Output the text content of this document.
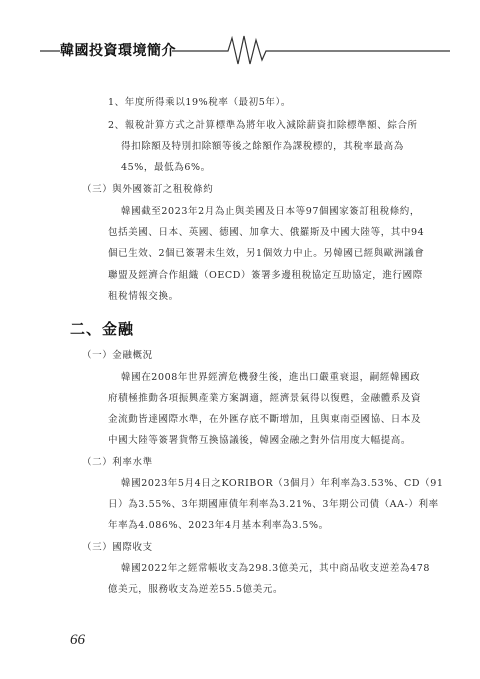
韓國投資環境簡介
1、年度所得乘以19%稅率（最初5年）。
2、報稅計算方式之計算標準為將年收入減除薪資扣除標準額、綜合所
得扣除額及特別扣除額等後之餘額作為課稅標的，其稅率最高為
45%，最低為6%。
（三）與外國簽訂之租稅條約
韓國截至2023年2月為止與美國及日本等97個國家簽訂租稅條約，
包括美國、日本、英國、德國、加拿大、俄羅斯及中國大陸等，其中94
個已生效、2個已簽署未生效，另1個效力中止。另韓國已經與歐洲議會
聯盟及經濟合作組織（OECD）簽署多邊租稅協定互助協定，進行國際
租稅情報交換。
二、金融
（一）金融概況
韓國在2008年世界經濟危機發生後，進出口嚴重衰退，嗣經韓國政
府積極推動各項振興產業方案調適，經濟景氣得以復甦，金融體系及資
金流動皆達國際水準，在外匯存底不斷增加，且與東南亞國協、日本及
中國大陸等簽署貨幣互換協議後，韓國金融之對外信用度大幅提高。
（二）利率水準
韓國2023年5月4日之KORIBOR（3個月）年利率為3.53%、CD（91
日）為3.55%、3年期國庫債年利率為3.21%、3年期公司債（AA-）利率
年率為4.086%、2023年4月基本利率為3.5%。
（三）國際收支
韓國2022年之經常帳收支為298.3億美元，其中商品收支逆差為478
億美元，服務收支為逆差55.5億美元。
66
